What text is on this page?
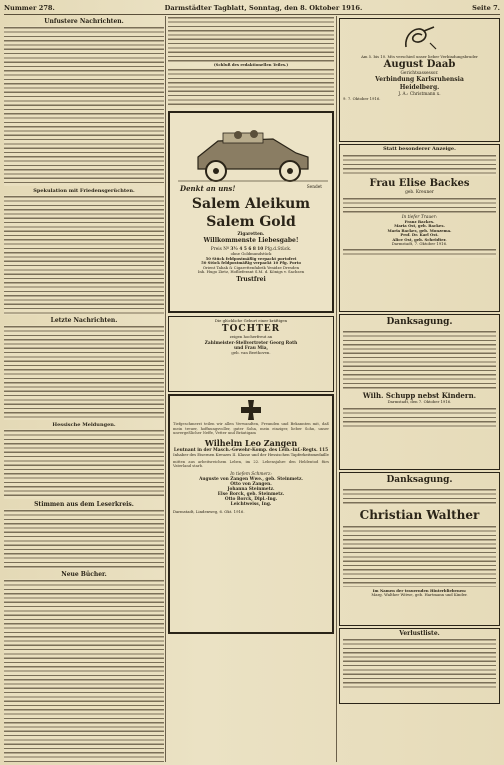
Nummer 278.	Darmstädter Tagblatt, Sonntag, den 8. Oktober 1916.	Seite 7.
Unfustere Nachrichten.
Spekulation mit Friedensgerüchten.
Letzte Nachrichten.
Hessische Meldungen.
Stimmen aus dem Leserkreis.
Neue Bücher.
(Schluß des redaktionellen Teiles.)
Denkt an uns!	Sendet
Salem Aleikum
Salem Gold
Zigaretten.
Willkommenste Liebesgabe!
Preis Nº 3½ 4 5 6 8 10 Pfg.d.Stück.
ohne Goldmundstück
50 Stück feldpostmäßig verpackt portofrei
50 Stück feldpostmäßig verpackt 10 Pfg. Porto
Orient Tabak & Cigarettenfabrik Yenidze Dresden
Inh. Hugo Zietz, Hoflieferant S.M. d. Königs v. Sachsen
Trustfrei
Die glückliche Geburt einer kräftigen
TOCHTER
zeigen hocherfreut an
Zahlmeister-Stellvertreter Georg Roth
und Frau Mia,
geb. van Beethoven.

Tiefgeschmerzt teilen wir allen Verwandten, Freunden und Bekannten mit, daß mein treuer, hoffnungsvoller, guter Sohn, mein einziger, lieber Sohn, unser unvergeßlicher Neffe, Vetter und Bräutigam

Wilhelm Leo Zangen
Leutnant in der Masch.-Gewehr-Komp. des Leib.-Inf.-Regts. 115
Inhaber des Eisernen Kreuzes II. Klasse und der Hessischen Tapferkeitsmedaille

mitten aus arbeitsreichem Leben, im 22. Lebensjahre den Heldentod fürs Vaterland starb.

In tiefem Schmerz:
Auguste von Zangen Wwe., geb. Steinmetz.
Otto von Zangen.
Johanna Steinmetz.
Else Borck, geb. Steinmetz.
Otto Borck, Dipl.-Ing.
Leichtweiss, Ing.
Darmstadt, Lindenweg, 6. Okt. 1916.
Am 5. bis 10. Mts verschied unser lieber Verbindungsbruder
August Daab
Gerichtsassessor.
Verbindung Karlsruhensia
Heidelberg.
J. A.: Christmann x.
9. 7. Oktober 1916.
Statt besonderer Anzeige.
Frau Elise Backes
geb. Kreuner
In tiefer Trauer:
Franz Backes.
Maria Ost, geb. Backes.
Maria Backes, geb. Monzema.
Prof. Dr. Karl Ost.
Alice Ost, geb. Schrödter.
Darmstadt, 7. Oktober 1916.
Danksagung.
Wilh. Schupp nebst Kindern.
Darmstadt, den 7. Oktober 1916.
Danksagung.
Christian Walther
Im Namen der trauernden Hinterbliebenen:
Marg. Walther Witwe, geb. Hartmann und Kinder.
Verlustliste.
